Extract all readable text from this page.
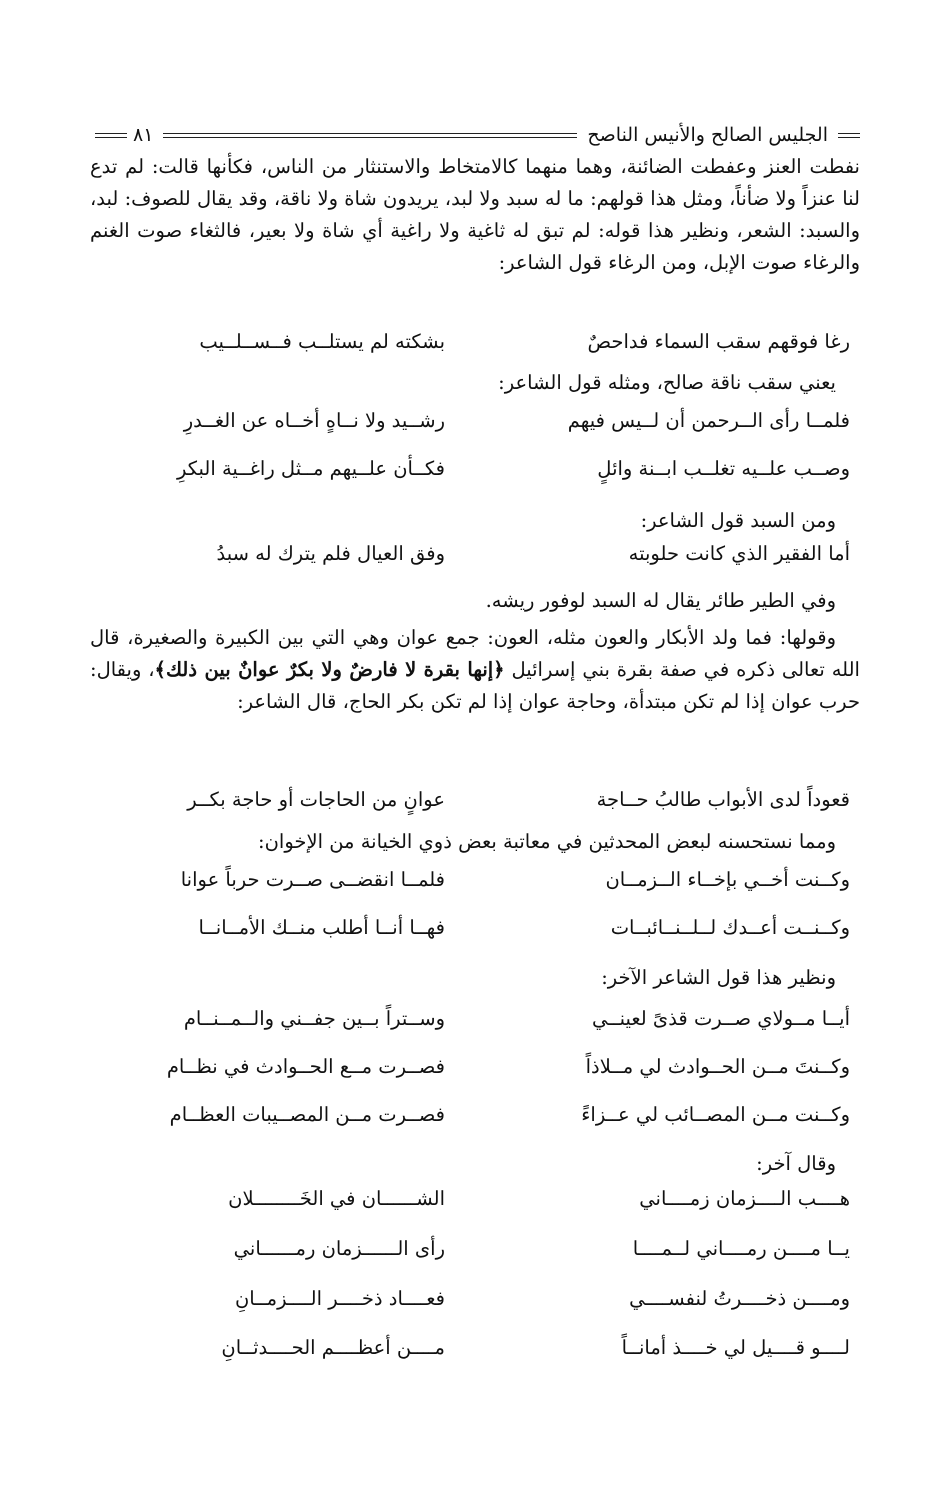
الجليس الصالح والأنيس الناصح
٨١
نفطت العنز وعفطت الضائنة، وهما منهما كالامتخاط والاستنثار من الناس، فكأنها قالت: لم تدع لنا عنزاً ولا ضأناً، ومثل هذا قولهم: ما له سبد ولا لبد، يريدون شاة ولا ناقة، وقد يقال للصوف: لبد، والسبد: الشعر، ونظير هذا قوله: لم تبق له ثاغية ولا راغية أي شاة ولا بعير، فالثغاء صوت الغنم والرغاء صوت الإبل، ومن الرغاء قول الشاعر:
رغا فوقهم سقب السماء فداحصٌ
بشكته لم يستلــب فــســلــيب
يعني سقب ناقة صالح، ومثله قول الشاعر:
فلمــا رأى الــرحمن أن لــيس فيهم
رشــيد ولا نــاهٍ أخــاه عن الغــدرِ
وصــب علــيه تغلــب ابــنة وائلٍ
فكــأن علــيهم مــثل راغــية البكرِ
ومن السبد قول الشاعر:
أما الفقير الذي كانت حلوبته
وفق العيال فلم يترك له سبدُ
وفي الطير طائر يقال له السبد لوفور ريشه.
وقولها: فما ولد الأبكار والعون مثله، العون: جمع عوان وهي التي بين الكبيرة والصغيرة، قال الله تعالى ذكره في صفة بقرة بني إسرائيل ﴿إنها بقرة لا فارضٌ ولا بكرٌ عوانٌ بين ذلك﴾، ويقال: حرب عوان إذا لم تكن مبتدأة، وحاجة عوان إذا لم تكن بكر الحاج، قال الشاعر:
قعوداً لدى الأبواب طالبُ حــاجة
عوانٍ من الحاجات أو حاجة بكــر
ومما نستحسنه لبعض المحدثين في معاتبة بعض ذوي الخيانة من الإخوان:
وكــنت أخــي بإخــاء الــزمــان
فلمــا انقضــى صــرت حرباً عوانا
وكــنــت أعــدك لــلــنــائبــات
فهــا أنــا أطلب منــك الأمــانــا
ونظير هذا قول الشاعر الآخر:
أيــا مــولاي صــرت قذىً لعينــي
وســتراً بــين جفــني والــمــنــام
وكــنتَ مــن الحــوادث لي مــلاذاً
فصــرت مــع الحــوادث في نظــام
وكــنت مــن المصــائب لي عــزاءً
فصــرت مــن المصــيبات العظــام
وقال آخر:
هــــب الــــزمان زمــــاني
الشــــــان في الخَــــــــلان
يــا مــــن رمــــاني لــمــــا
رأى الــــــزمان رمــــــاني
ومــــن ذخــــرتُ لنفســــي
فعــــاد ذخــــر الــــزمــانِ
لــــو قــــيل لي خــــذ أمانــاً
مــــن أعظــــم الحــــدثــانِ
